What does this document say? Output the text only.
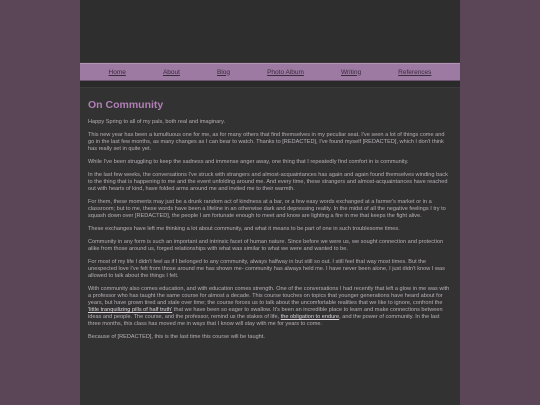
Home	About	Blog	Photo Album	Writing	References
On Community

Happy Spring to all of my pals, both real and imaginary.

This new year has been a tumultuous one for me, as for many others that find themselves in my peculiar seat. I've seen a lot of things come and go in the last few months, as many changes as I can bear to watch. Thanks to [REDACTED], I've found myself [REDACTED], which I don't think has really set in quite yet.

While I've been struggling to keep the sadness and immense anger away, one thing that I repeatedly find comfort in is community.

In the last few weeks, the conversations I've struck with strangers and almost-acquaintances has again and again found themselves winding back to the thing that is happening to me and the event unfolding around me. And every time, these strangers and almost-acquaintances have reached out with hearts of kind, have folded arms around me and invited me to their warmth.

For them, these moments may just be a drunk random act of kindness at a bar, or a few easy words exchanged at a farmer's market or in a classroom; but to me, these words have been a lifeline in an otherwise dark and depressing reality. In the midst of all the negative feelings I try to squash down over [REDACTED], the people I am fortunate enough to meet and know are lighting a fire in me that keeps the fight alive.

These exchanges have left me thinking a lot about community, and what it means to be part of one in such troublesome times.

Community in any form is such an important and intrinsic facet of human nature. Since before we were us, we sought connection and protection alike from those around us, forged relationships with what was similar to what we were and wanted to be.

For most of my life I didn't feel as if I belonged to any community, always halfway in but still so out. I still feel that way most times. But the unexpected love I've felt from those around me has shown me- community has always held me. I have never been alone, I just didn't know I was allowed to talk about the things I felt.

With community also comes education, and with education comes strength. One of the conversations I had recently that left a glow in me was with a professor who has taught the same course for almost a decade. This course touches on topics that younger generations have heard about for years, but have grown tired and stale over time; the course forces us to talk about the uncomfortable realities that we like to ignore, confront the 'little tranquilizing pills of half truth' that we have been so eager to swallow. It's been an incredible place to learn and make connections between ideas and people. The course, and the professor, remind us the stakes of life, the obligation to endure, and the power of community. In the last three months, this class has moved me in ways that I know will stay with me for years to come.

Because of [REDACTED], this is the last time this course will be taught.
